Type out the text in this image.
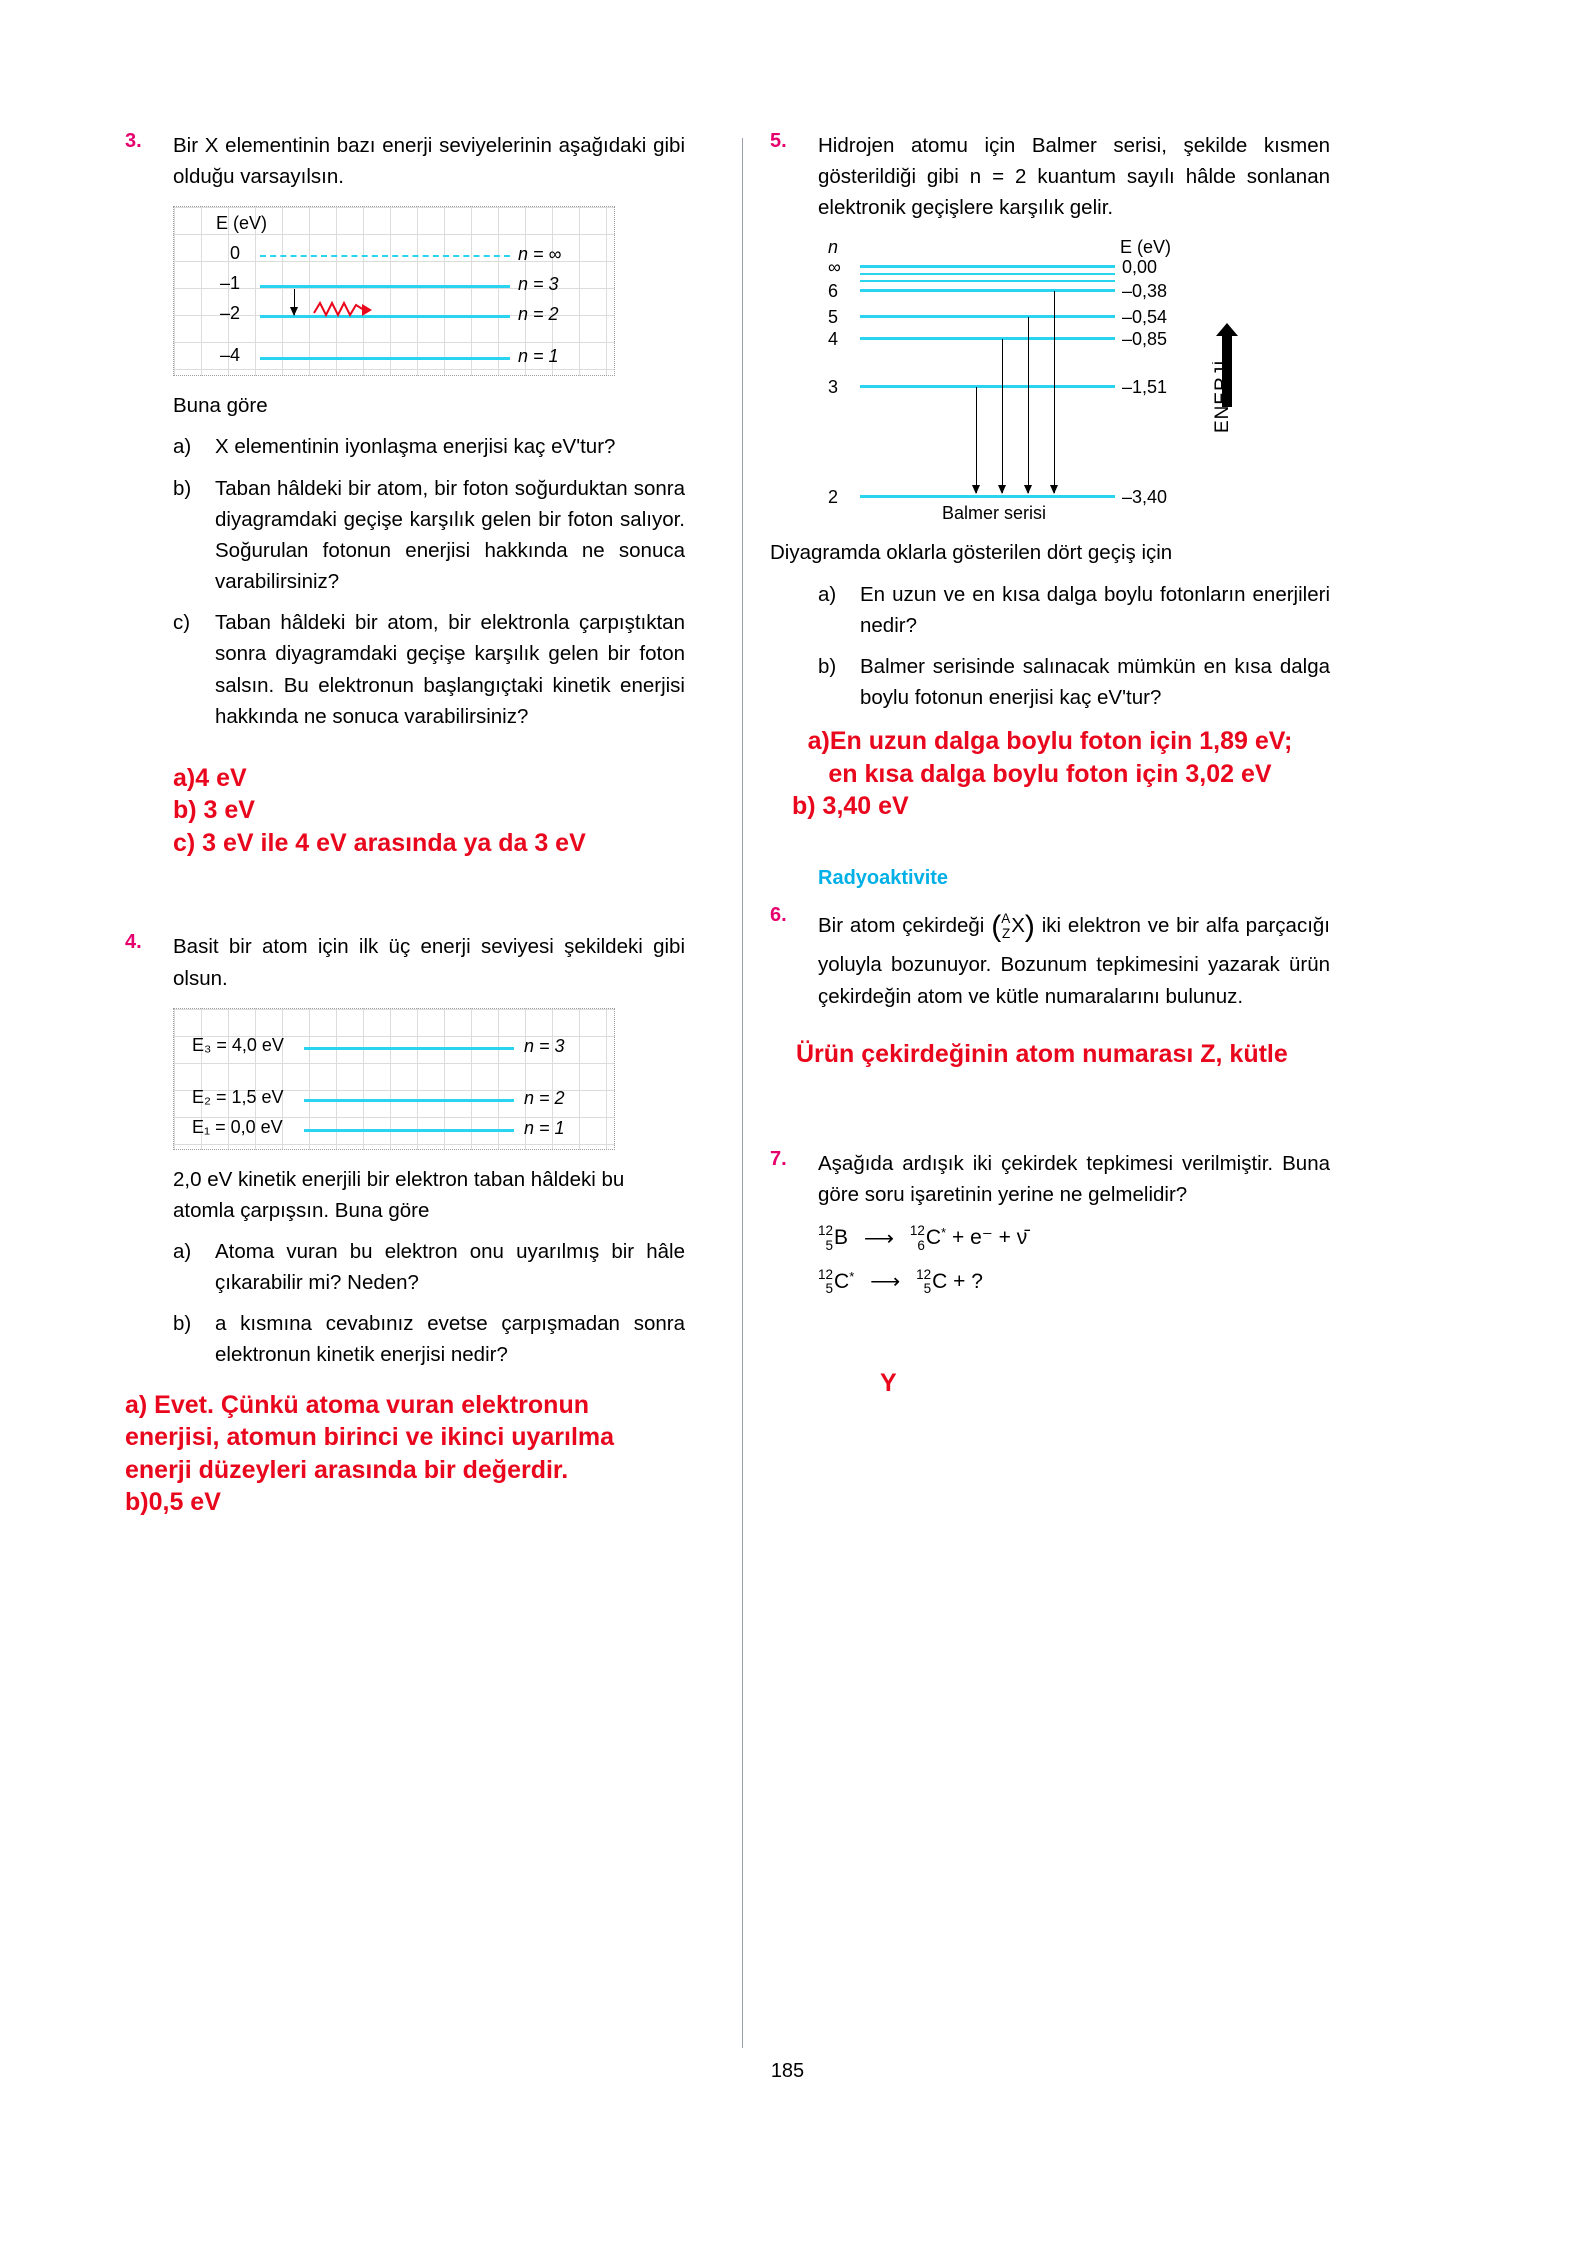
3. Bir X elementinin bazı enerji seviyelerinin aşağıdaki gibi olduğu varsayılsın.
E (eV)
0
–1
–2
–4
n = ∞
n = 3
n = 2
n = 1
Buna göre
a) X elementinin iyonlaşma enerjisi kaç eV'tur?
b) Taban hâldeki bir atom, bir foton soğurduktan sonra diyagramdaki geçişe karşılık gelen bir foton salıyor. Soğurulan fotonun enerjisi hakkında ne sonuca varabilirsiniz?
c) Taban hâldeki bir atom, bir elektronla çarpıştıktan sonra diyagramdaki geçişe karşılık gelen bir foton salsın. Bu elektronun başlangıçtaki kinetik enerjisi hakkında ne sonuca varabilirsiniz?
a)4 eV
b) 3 eV
c) 3 eV ile 4 eV arasında ya da 3 eV
4. Basit bir atom için ilk üç enerji seviyesi şekildeki gibi olsun.
E₃ = 4,0 eV
E₂ = 1,5 eV
E₁ = 0,0 eV
n = 3
n = 2
n = 1
2,0 eV kinetik enerjili bir elektron taban hâldeki bu atomla çarpışsın. Buna göre
a) Atoma vuran bu elektron onu uyarılmış bir hâle çıkarabilir mi? Neden?
b) a kısmına cevabınız evetse çarpışmadan sonra elektronun kinetik enerjisi nedir?
a) Evet. Çünkü atoma vuran elektronun enerjisi, atomun birinci ve ikinci uyarılma enerji düzeyleri arasında bir değerdir.
b)0,5 eV
5. Hidrojen atomu için Balmer serisi, şekilde kısmen gösterildiği gibi n = 2 kuantum sayılı hâlde sonlanan elektronik geçişlere karşılık gelir.
n	E (eV)
∞
6
5
4
3
2
0,00
–0,38
–0,54
–0,85
–1,51
–3,40
Balmer serisi
ENERJİ
Diyagramda oklarla gösterilen dört geçiş için
a) En uzun ve en kısa dalga boylu fotonların enerjileri nedir?
b) Balmer serisinde salınacak mümkün en kısa dalga boylu fotonun enerjisi kaç eV'tur?
a)En uzun dalga boylu foton için 1,89 eV;
en kısa dalga boylu foton için 3,02 eV
b) 3,40 eV
Radyoaktivite
6. Bir atom çekirdeği (A
ZX) iki elektron ve bir alfa parçacığı yoluyla bozunuyor. Bozunum tepkimesini yazarak ürün çekirdeğin atom ve kütle numaralarını bulunuz.
Ürün çekirdeğinin atom numarası Z, kütle
7. Aşağıda ardışık iki çekirdek tepkimesi verilmiştir. Buna göre soru işaretinin yerine ne gelmelidir?
12
5B ⟶ 12
6C* + e⁻ + ν̄
12
5C* ⟶ 12
5C + ?
Y
185
